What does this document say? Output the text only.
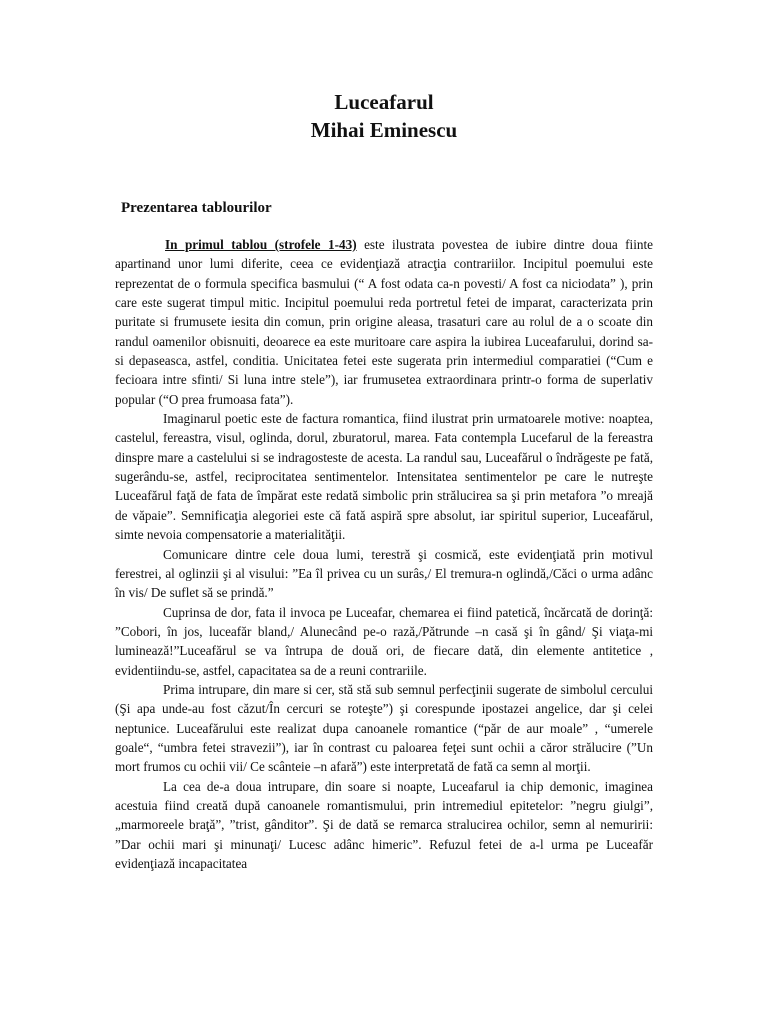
Luceafarul
Mihai Eminescu
Prezentarea tablourilor

In primul tablou (strofele 1-43) este ilustrata povestea de iubire dintre doua fiinte apartinand unor lumi diferite, ceea ce evidenţiază atracţia contrariilor. Incipitul poemului este reprezentat de o formula specifica basmului (“ A fost odata ca-n povesti/ A fost ca niciodata” ), prin care este sugerat timpul mitic. Incipitul poemului reda portretul fetei de imparat, caracterizata prin puritate si frumusete iesita din comun, prin origine aleasa, trasaturi care au rolul de a o scoate din randul oamenilor obisnuiti, deoarece ea este muritoare care aspira la iubirea Luceafarului, dorind sa-si depaseasca, astfel, conditia. Unicitatea fetei este sugerata prin intermediul comparatiei (“Cum e fecioara intre sfinti/ Si luna intre stele”), iar frumusetea extraordinara printr-o forma de superlativ popular (“O prea frumoasa fata”).

Imaginarul poetic este de factura romantica, fiind ilustrat prin urmatoarele motive: noaptea, castelul, fereastra, visul, oglinda, dorul, zburatorul, marea. Fata contempla Lucefarul de la fereastra dinspre mare a castelului si se indragosteste de acesta. La randul sau, Luceafărul o îndrăgeste pe fată, sugerându-se, astfel, reciprocitatea sentimentelor. Intensitatea sentimentelor pe care le nutreşte Luceafărul faţă de fata de împărat este redată simbolic prin strălucirea sa şi prin metafora ”o mreajă de văpaie”. Semnificaţia alegoriei este că fată aspiră spre absolut, iar spiritul superior, Luceafărul, simte nevoia compensatorie a materialităţii.

Comunicare dintre cele doua lumi, terestră şi cosmică, este evidenţiată prin motivul ferestrei, al oglinzii şi al visului: ”Ea îl privea cu un surâs,/ El tremura-n oglindă,/Căci o urma adânc în vis/ De suflet să se prindă.”

Cuprinsa de dor, fata il invoca pe Luceafar, chemarea ei fiind patetică, încărcată de dorinţă: ”Cobori, în jos, luceafăr bland,/ Alunecând pe-o rază,/Pătrunde –n casă şi în gând/ Şi viaţa-mi luminează!”Luceafărul se va întrupa de două ori, de fiecare dată, din elemente antitetice , evidentiindu-se, astfel, capacitatea sa de a reuni contrariile.

Prima intrupare, din mare si cer, stă stă sub semnul perfecţinii sugerate de simbolul cercului (Şi apa unde-au fost căzut/În cercuri se roteşte”) şi corespunde ipostazei angelice, dar şi celei neptunice. Luceafărului este realizat dupa canoanele romantice (“păr de aur moale” , “umerele goale“, “umbra fetei stravezii”), iar în contrast cu paloarea feţei sunt ochii a căror strălucire (”Un mort frumos cu ochii vii/ Ce scânteie –n afară”) este interpretată de fată ca semn al morţii.

La cea de-a doua intrupare, din soare si noapte, Luceafarul ia chip demonic, imaginea acestuia fiind creată după canoanele romantismului, prin intremediul epitetelor: ”negru giulgi”, „marmoreele braţă”, ”trist, gânditor”. Şi de dată se remarca stralucirea ochilor, semn al nemuririi: ”Dar ochii mari şi minunaţi/ Lucesc adânc himeric”. Refuzul fetei de a-l urma pe Luceafăr evidenţiază incapacitatea
